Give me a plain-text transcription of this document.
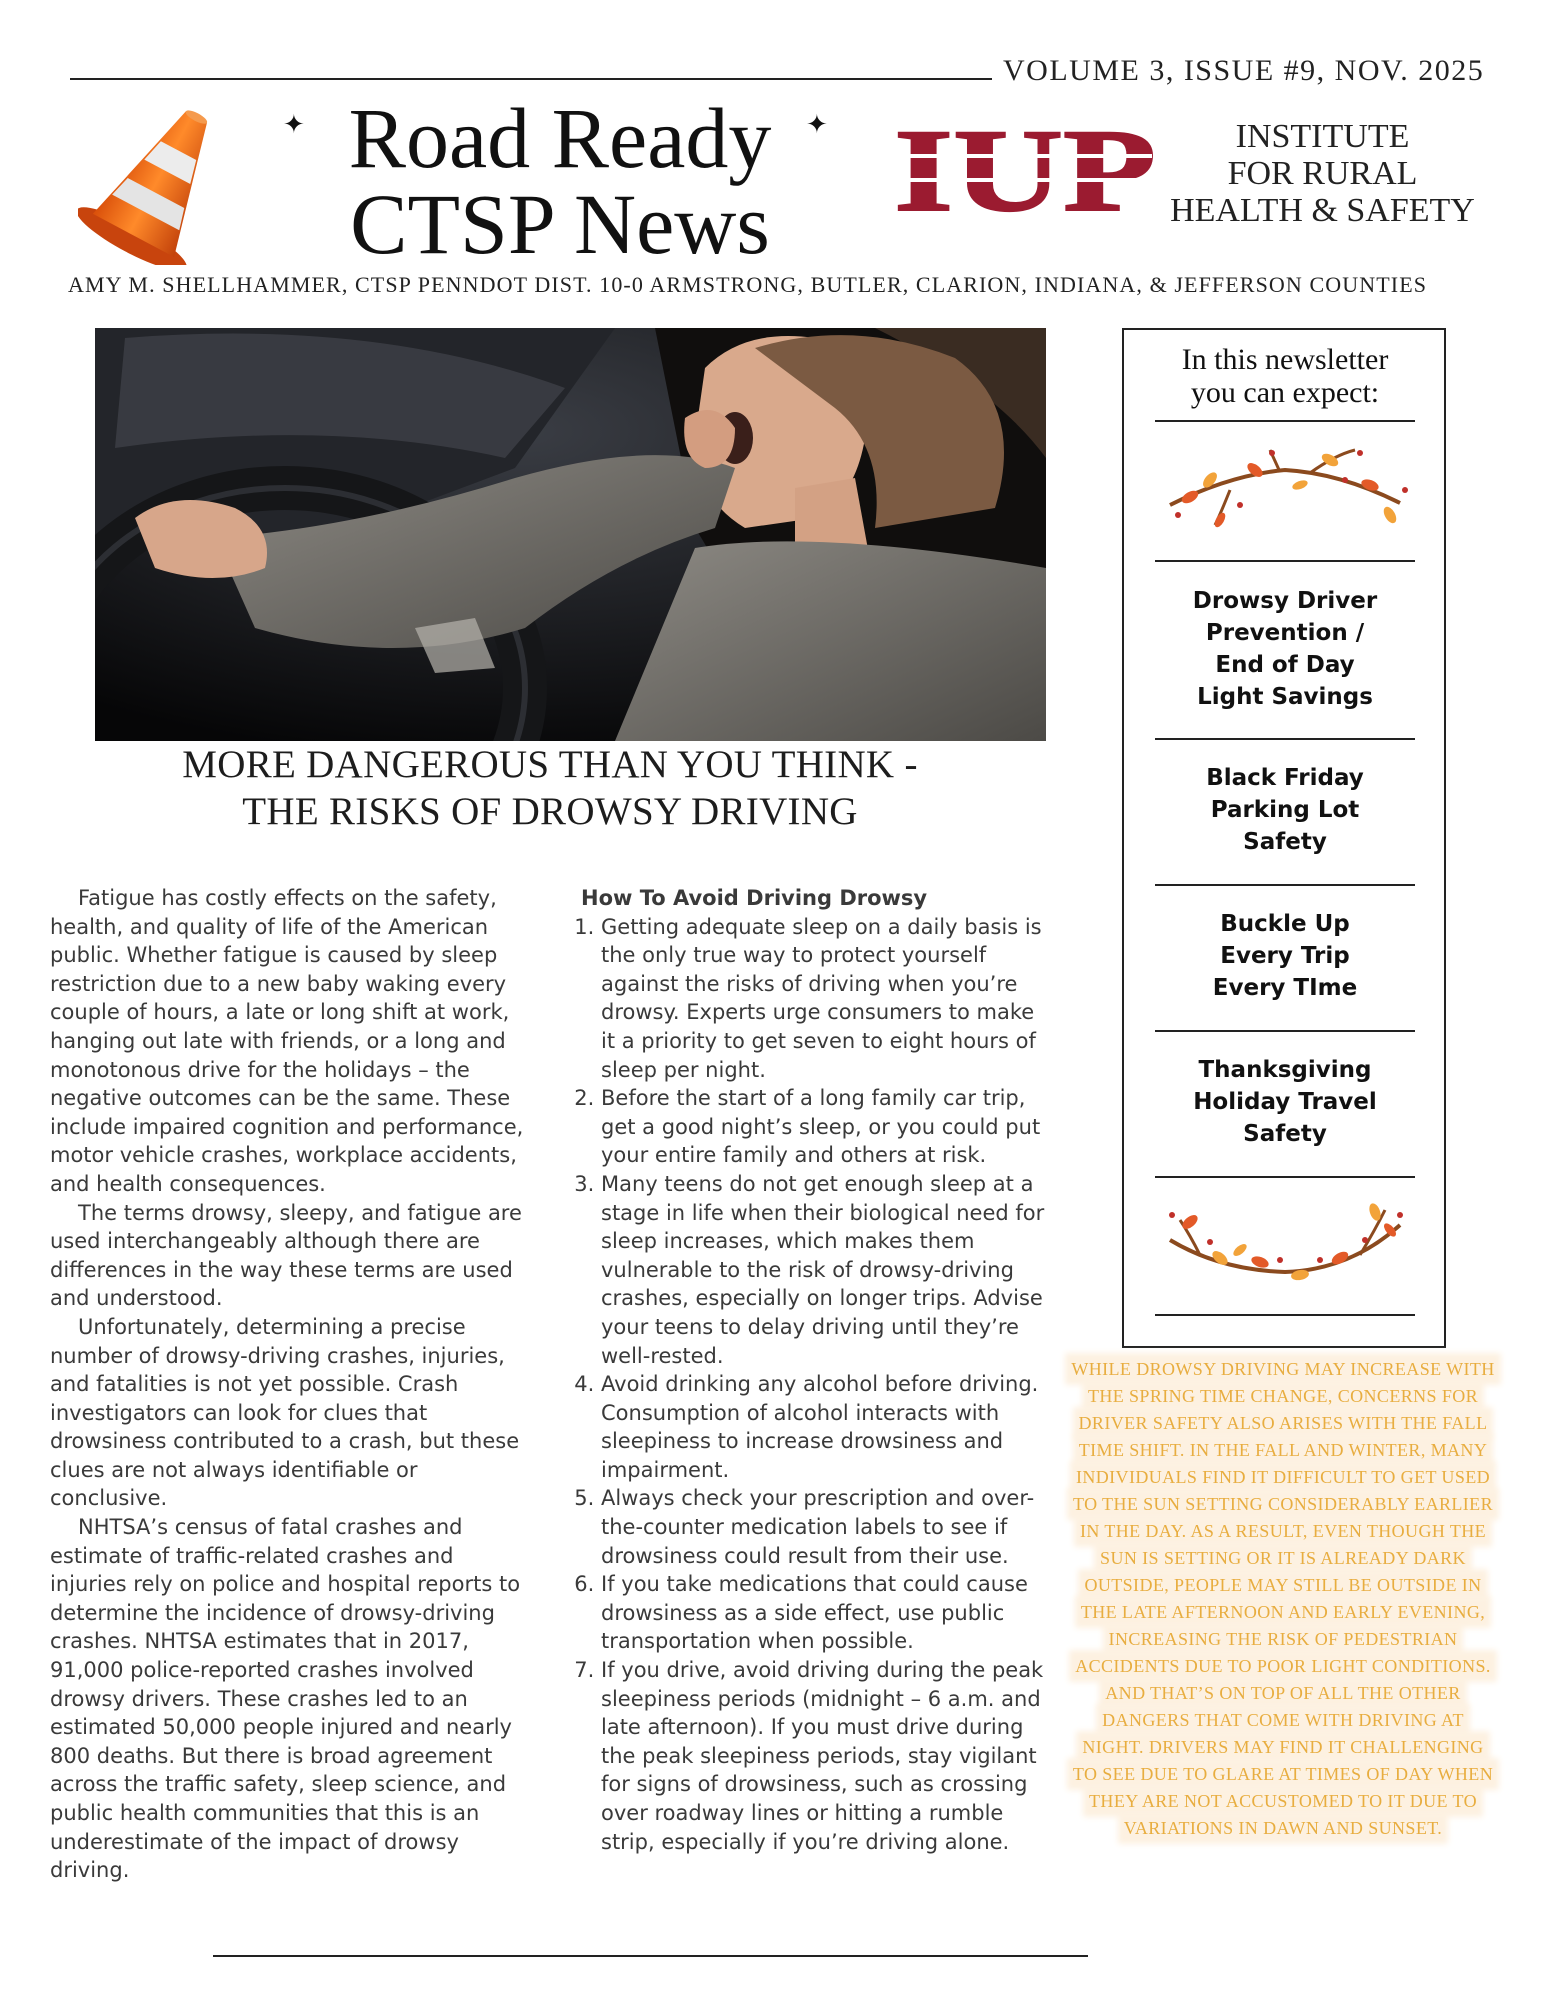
VOLUME 3, ISSUE #9, NOV. 2025
Road Ready
CTSP News
✦	✦ IUP	INSTITUTE
FOR RURAL
HEALTH & SAFETY
AMY M. SHELLHAMMER, CTSP PENNDOT DIST. 10-0 ARMSTRONG, BUTLER, CLARION, INDIANA, & JEFFERSON COUNTIES
MORE DANGEROUS THAN YOU THINK -
THE RISKS OF DROWSY DRIVING

Fatigue has costly effects on the safety, health, and quality of life of the American public. Whether fatigue is caused by sleep restriction due to a new baby waking every couple of hours, a late or long shift at work, hanging out late with friends, or a long and monotonous drive for the holidays – the negative outcomes can be the same. These include impaired cognition and performance, motor vehicle crashes, workplace accidents, and health consequences.

The terms drowsy, sleepy, and fatigue are used interchangeably although there are differences in the way these terms are used and understood.

Unfortunately, determining a precise number of drowsy-driving crashes, injuries, and fatalities is not yet possible. Crash investigators can look for clues that drowsiness contributed to a crash, but these clues are not always identifiable or conclusive.

NHTSA’s census of fatal crashes and estimate of traffic-related crashes and injuries rely on police and hospital reports to determine the incidence of drowsy-driving crashes. NHTSA estimates that in 2017, 91,000 police-reported crashes involved drowsy drivers. These crashes led to an estimated 50,000 people injured and nearly 800 deaths. But there is broad agreement across the traffic safety, sleep science, and public health communities that this is an underestimate of the impact of drowsy driving.

How To Avoid Driving Drowsy
1. Getting adequate sleep on a daily basis is the only true way to protect yourself against the risks of driving when you’re drowsy. Experts urge consumers to make it a priority to get seven to eight hours of sleep per night.
2. Before the start of a long family car trip, get a good night’s sleep, or you could put your entire family and others at risk.
3. Many teens do not get enough sleep at a stage in life when their biological need for sleep increases, which makes them vulnerable to the risk of drowsy-driving crashes, especially on longer trips. Advise your teens to delay driving until they’re well-rested.
4. Avoid drinking any alcohol before driving. Consumption of alcohol interacts with sleepiness to increase drowsiness and impairment.
5. Always check your prescription and over-the-counter medication labels to see if drowsiness could result from their use.
6. If you take medications that could cause drowsiness as a side effect, use public transportation when possible.
7. If you drive, avoid driving during the peak sleepiness periods (midnight – 6 a.m. and late afternoon). If you must drive during the peak sleepiness periods, stay vigilant for signs of drowsiness, such as crossing over roadway lines or hitting a rumble strip, especially if you’re driving alone.
In this newsletter
you can expect:
Drowsy Driver
Prevention /
End of Day
Light Savings
Black Friday
Parking Lot
Safety
Buckle Up
Every Trip
Every TIme
Thanksgiving
Holiday Travel
Safety
WHILE DROWSY DRIVING MAY INCREASE WITH THE SPRING TIME CHANGE, CONCERNS FOR DRIVER SAFETY ALSO ARISES WITH THE FALL TIME SHIFT. IN THE FALL AND WINTER, MANY INDIVIDUALS FIND IT DIFFICULT TO GET USED TO THE SUN SETTING CONSIDERABLY EARLIER IN THE DAY. AS A RESULT, EVEN THOUGH THE SUN IS SETTING OR IT IS ALREADY DARK OUTSIDE, PEOPLE MAY STILL BE OUTSIDE IN THE LATE AFTERNOON AND EARLY EVENING, INCREASING THE RISK OF PEDESTRIAN ACCIDENTS DUE TO POOR LIGHT CONDITIONS. AND THAT’S ON TOP OF ALL THE OTHER DANGERS THAT COME WITH DRIVING AT NIGHT. DRIVERS MAY FIND IT CHALLENGING TO SEE DUE TO GLARE AT TIMES OF DAY WHEN THEY ARE NOT ACCUSTOMED TO IT DUE TO VARIATIONS IN DAWN AND SUNSET.
